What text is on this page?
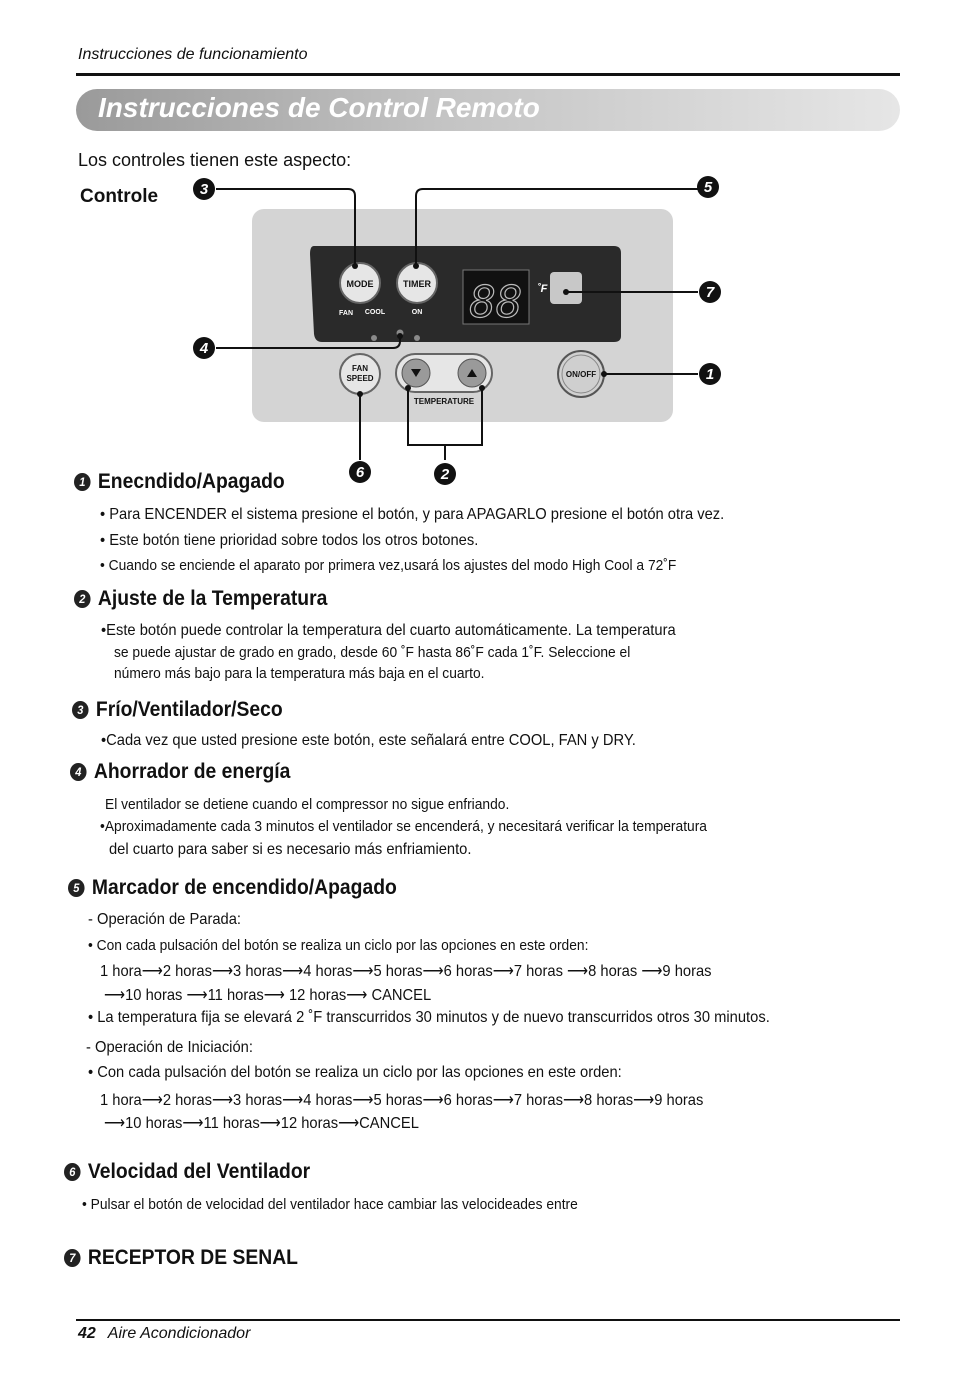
Instrucciones de funcionamiento
Instrucciones de Control Remoto
Los controles tienen este aspecto:
Controle
MODE	TIMER
FAN COOL	ON 88 ˚F
FAN
SPEED
TEMPERATURE
ON/OFF
3	5
7
1
4
6	2
1 Enecndido/Apagado
• Para ENCENDER el sistema presione el botón, y para APAGARLO presione el botón otra vez.
• Este botón tiene prioridad sobre todos los otros botones.
• Cuando se enciende el aparato por primera vez,usará los ajustes del modo High Cool a 72˚F
2 Ajuste de la Temperatura
•Este botón puede controlar la temperatura del cuarto automáticamente. La temperatura
se puede ajustar de grado en grado, desde 60 ˚F hasta 86˚F cada 1˚F. Seleccione el
número más bajo para la temperatura más baja en el cuarto.
3 Frío/Ventilador/Seco
•Cada vez que usted presione este botón, este señalará entre COOL, FAN y DRY.
4 Ahorrador de energía
El ventilador se detiene cuando el compressor no sigue enfriando.
•Aproximadamente cada 3 minutos el ventilador se encenderá, y necesitará verificar la temperatura
del cuarto para saber si es necesario más enfriamiento.
5 Marcador de encendido/Apagado
- Operación de Parada:
• Con cada pulsación del botón se realiza un ciclo por las opciones en este orden:
1 hora⟶2 horas⟶3 horas⟶4 horas⟶5 horas⟶6 horas⟶7 horas ⟶8 horas ⟶9 horas
⟶10 horas ⟶11 horas⟶ 12 horas⟶ CANCEL
• La temperatura fija se elevará 2 ˚F transcurridos 30 minutos y de nuevo transcurridos otros 30 minutos.
- Operación de Iniciación:
• Con cada pulsación del botón se realiza un ciclo por las opciones en este orden:
1 hora⟶2 horas⟶3 horas⟶4 horas⟶5 horas⟶6 horas⟶7 horas⟶8 horas⟶9 horas
⟶10 horas⟶11 horas⟶12 horas⟶CANCEL
6 Velocidad del Ventilador
• Pulsar el botón de velocidad del ventilador hace cambiar las velocideades entre
7 RECEPTOR DE SENAL
42 Aire Acondicionador
